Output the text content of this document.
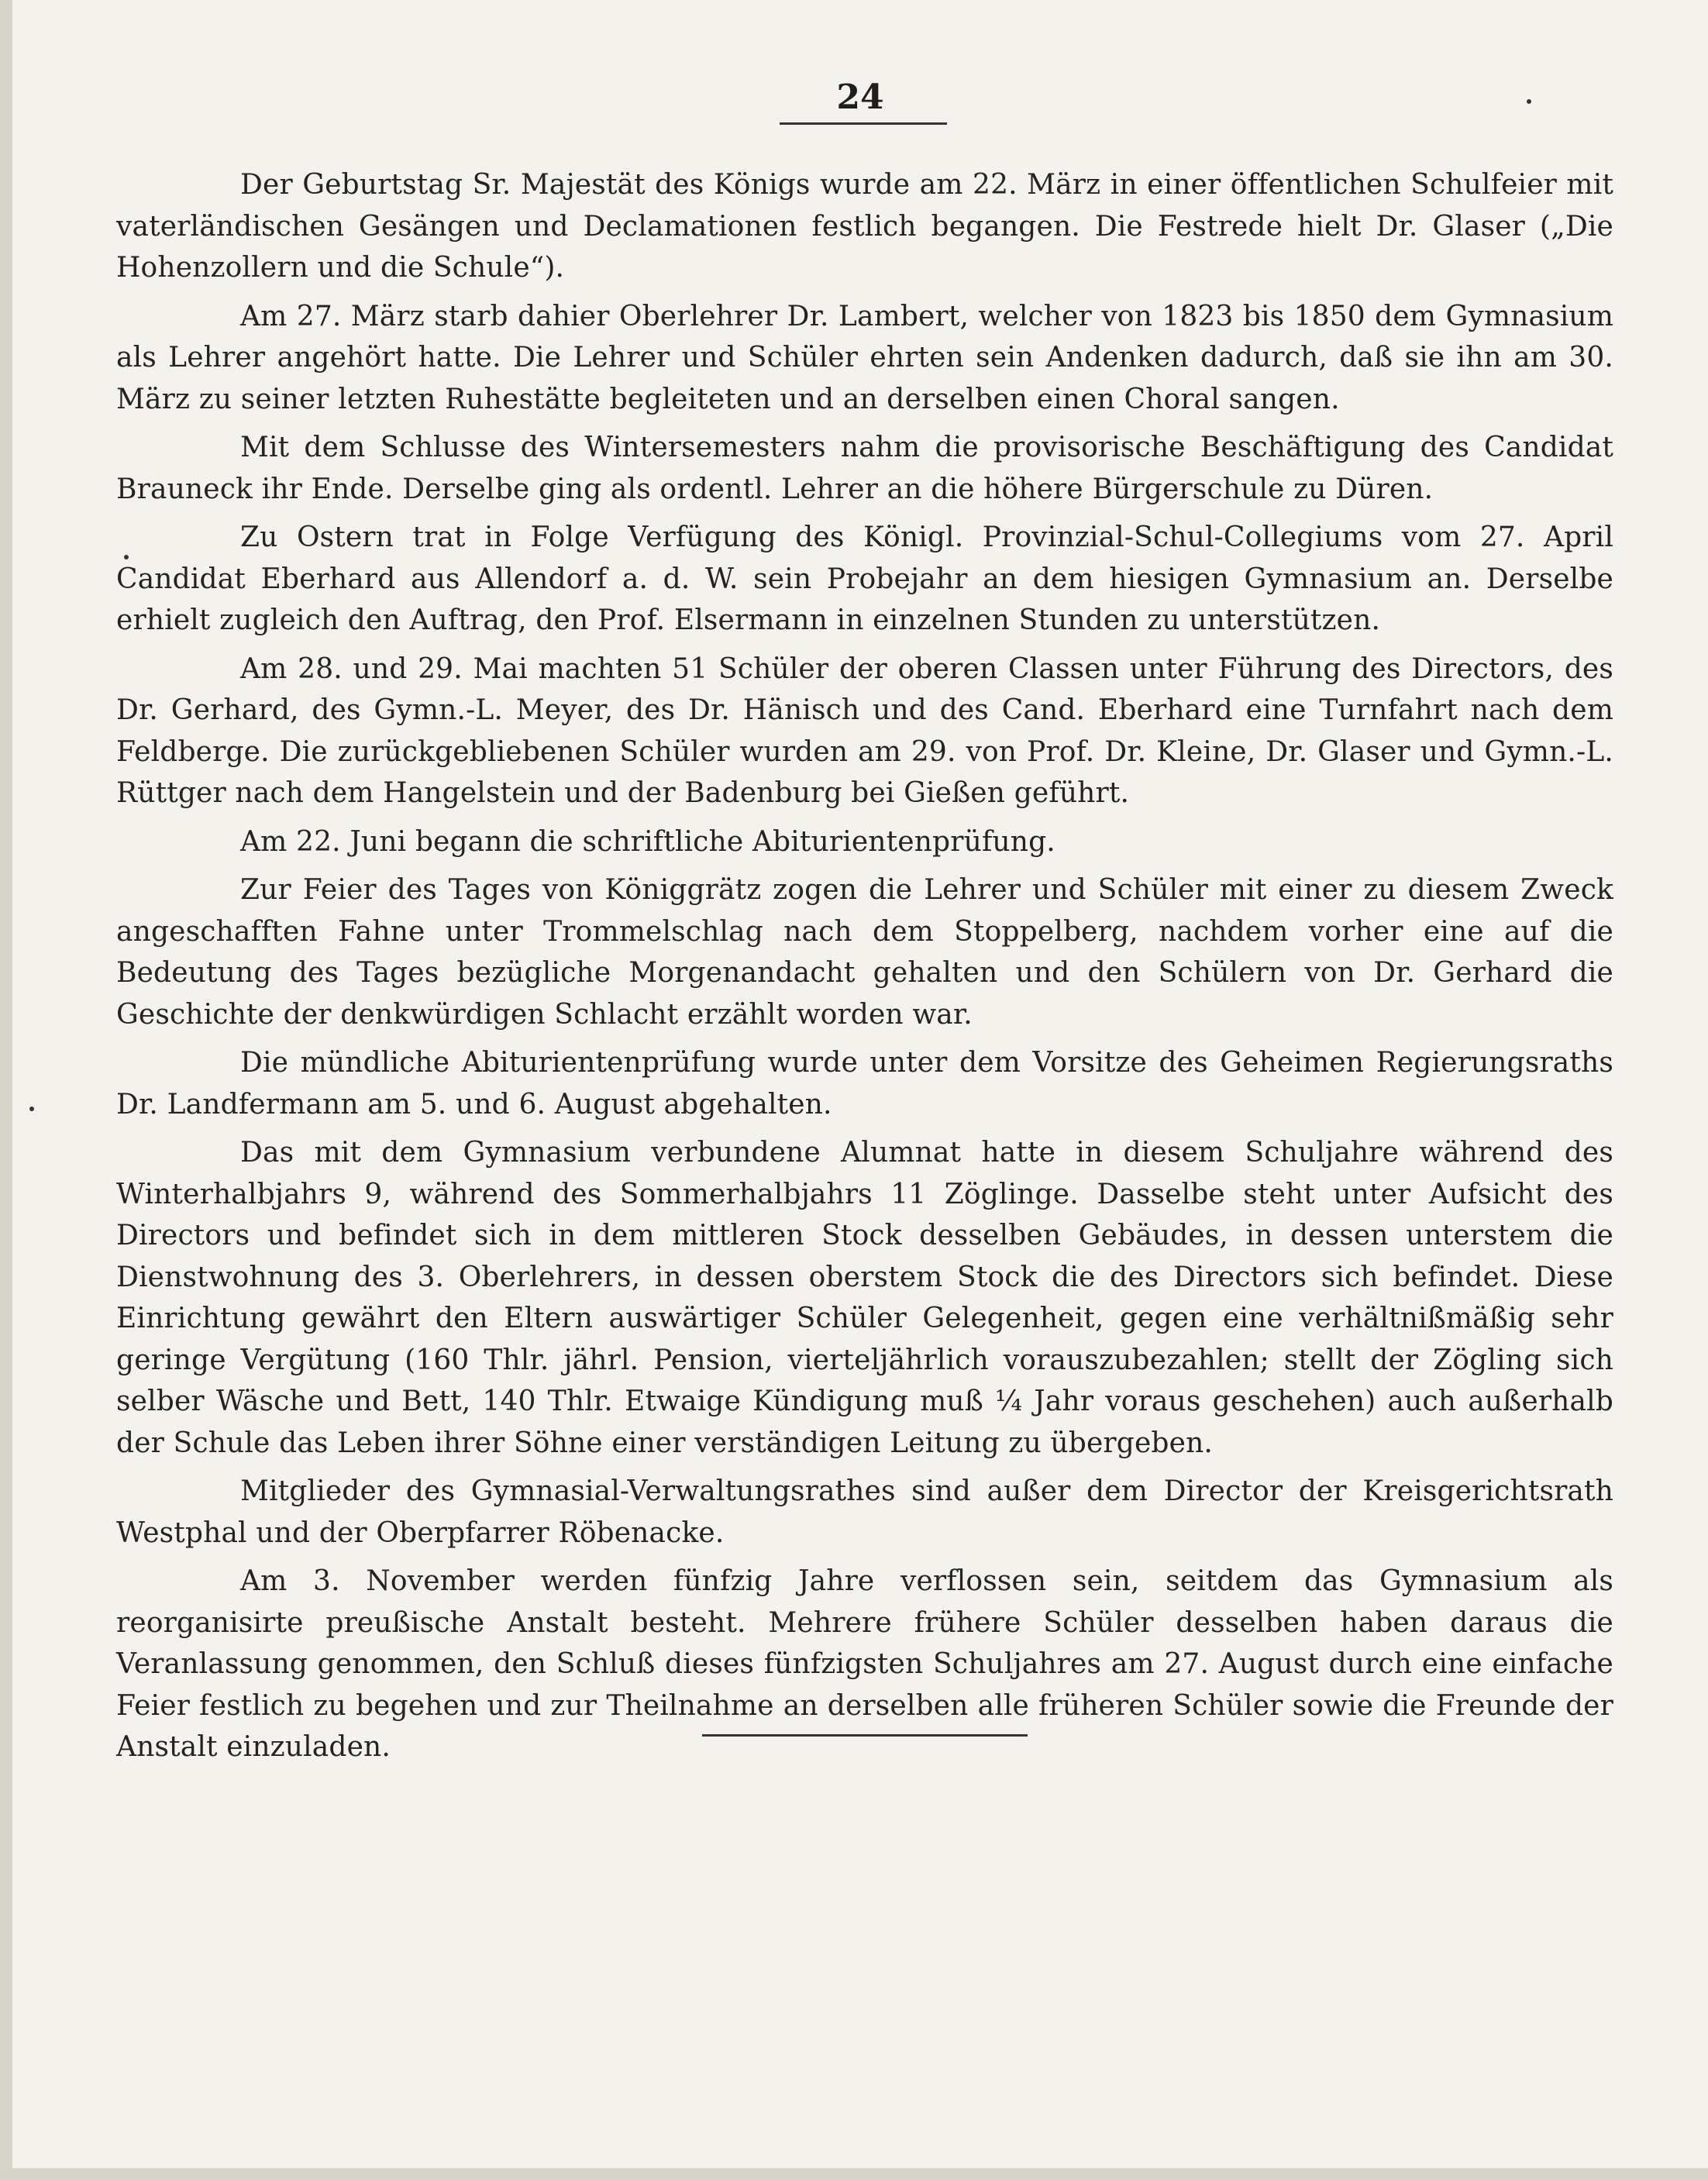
24

Der Geburtstag Sr. Majestät des Königs wurde am 22. März in einer öffentlichen Schulfeier mit vaterländischen Gesängen und Declamationen festlich begangen. Die Festrede hielt Dr. Glaser („Die Hohenzollern und die Schule“).

Am 27. März starb dahier Oberlehrer Dr. Lambert, welcher von 1823 bis 1850 dem Gymnasium als Lehrer angehört hatte. Die Lehrer und Schüler ehrten sein Andenken dadurch, daß sie ihn am 30. März zu seiner letzten Ruhestätte begleiteten und an derselben einen Choral sangen.

Mit dem Schlusse des Wintersemesters nahm die provisorische Beschäftigung des Candidat Brauneck ihr Ende. Derselbe ging als ordentl. Lehrer an die höhere Bürgerschule zu Düren.

Zu Ostern trat in Folge Verfügung des Königl. Provinzial-Schul-Collegiums vom 27. April Candidat Eberhard aus Allendorf a. d. W. sein Probejahr an dem hiesigen Gymnasium an. Derselbe erhielt zugleich den Auftrag, den Prof. Elsermann in einzelnen Stunden zu unterstützen.

Am 28. und 29. Mai machten 51 Schüler der oberen Classen unter Führung des Directors, des Dr. Gerhard, des Gymn.-L. Meyer, des Dr. Hänisch und des Cand. Eberhard eine Turnfahrt nach dem Feldberge. Die zurückgebliebenen Schüler wurden am 29. von Prof. Dr. Kleine, Dr. Glaser und Gymn.-L. Rüttger nach dem Hangelstein und der Badenburg bei Gießen geführt.

Am 22. Juni begann die schriftliche Abiturientenprüfung.

Zur Feier des Tages von Königgrätz zogen die Lehrer und Schüler mit einer zu diesem Zweck angeschafften Fahne unter Trommelschlag nach dem Stoppelberg, nachdem vorher eine auf die Bedeutung des Tages bezügliche Morgenandacht gehalten und den Schülern von Dr. Gerhard die Geschichte der denkwürdigen Schlacht erzählt worden war.

Die mündliche Abiturientenprüfung wurde unter dem Vorsitze des Geheimen Regierungsraths Dr. Landfermann am 5. und 6. August abgehalten.

Das mit dem Gymnasium verbundene Alumnat hatte in diesem Schuljahre während des Winterhalbjahrs 9, während des Sommerhalbjahrs 11 Zöglinge. Dasselbe steht unter Aufsicht des Directors und befindet sich in dem mittleren Stock desselben Gebäudes, in dessen unterstem die Dienstwohnung des 3. Oberlehrers, in dessen oberstem Stock die des Directors sich befindet. Diese Einrichtung gewährt den Eltern auswärtiger Schüler Gelegenheit, gegen eine verhältnißmäßig sehr geringe Vergütung (160 Thlr. jährl. Pension, vierteljährlich vorauszubezahlen; stellt der Zögling sich selber Wäsche und Bett, 140 Thlr. Etwaige Kündigung muß ¼ Jahr voraus geschehen) auch außerhalb der Schule das Leben ihrer Söhne einer verständigen Leitung zu übergeben.

Mitglieder des Gymnasial-Verwaltungsrathes sind außer dem Director der Kreisgerichtsrath Westphal und der Oberpfarrer Röbenacke.

Am 3. November werden fünfzig Jahre verflossen sein, seitdem das Gymnasium als reorganisirte preußische Anstalt besteht. Mehrere frühere Schüler desselben haben daraus die Veranlassung genommen, den Schluß dieses fünfzigsten Schuljahres am 27. August durch eine einfache Feier festlich zu begehen und zur Theilnahme an derselben alle früheren Schüler sowie die Freunde der Anstalt einzuladen.
